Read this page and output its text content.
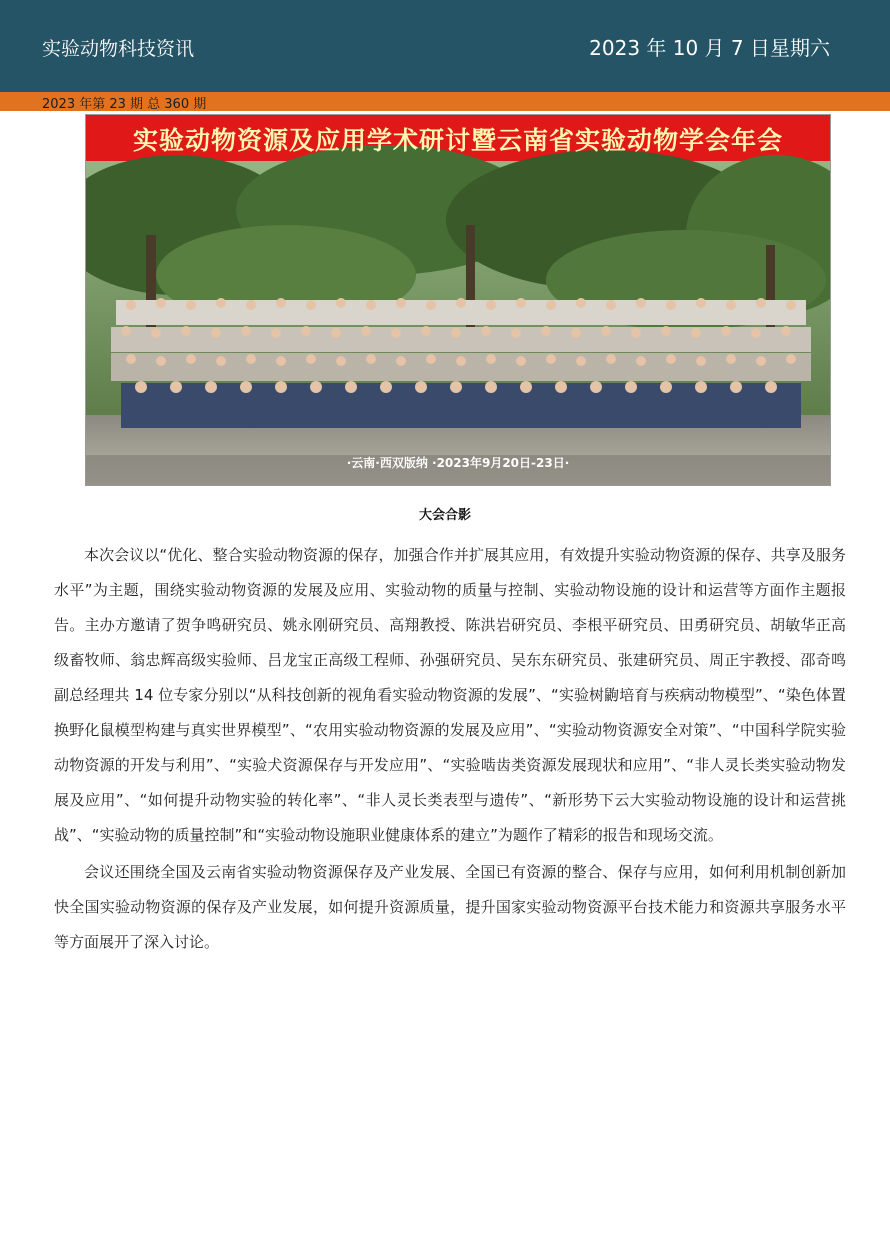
实验动物科技资讯	2023 年 10 月 7 日星期六
2023 年第 23 期 总 360 期
实验动物资源及应用学术研讨暨云南省实验动物学会年会
·云南·西双版纳 ·2023年9月20日-23日·
大会合影

本次会议以“优化、整合实验动物资源的保存，加强合作并扩展其应用，有效提升实验动物资源的保存、共享及服务水平”为主题，围绕实验动物资源的发展及应用、实验动物的质量与控制、实验动物设施的设计和运营等方面作主题报告。主办方邀请了贺争鸣研究员、姚永刚研究员、高翔教授、陈洪岩研究员、李根平研究员、田勇研究员、胡敏华正高级畜牧师、翁忠辉高级实验师、吕龙宝正高级工程师、孙强研究员、吴东东研究员、张建研究员、周正宇教授、邵奇鸣副总经理共 14 位专家分别以“从科技创新的视角看实验动物资源的发展”、“实验树鼩培育与疾病动物模型”、“染色体置换野化鼠模型构建与真实世界模型”、“农用实验动物资源的发展及应用”、“实验动物资源安全对策”、“中国科学院实验动物资源的开发与利用”、“实验犬资源保存与开发应用”、“实验啮齿类资源发展现状和应用”、“非人灵长类实验动物发展及应用”、“如何提升动物实验的转化率”、“非人灵长类表型与遗传”、“新形势下云大实验动物设施的设计和运营挑战”、“实验动物的质量控制”和“实验动物设施职业健康体系的建立”为题作了精彩的报告和现场交流。

会议还围绕全国及云南省实验动物资源保存及产业发展、全国已有资源的整合、保存与应用，如何利用机制创新加快全国实验动物资源的保存及产业发展，如何提升资源质量，提升国家实验动物资源平台技术能力和资源共享服务水平等方面展开了深入讨论。
